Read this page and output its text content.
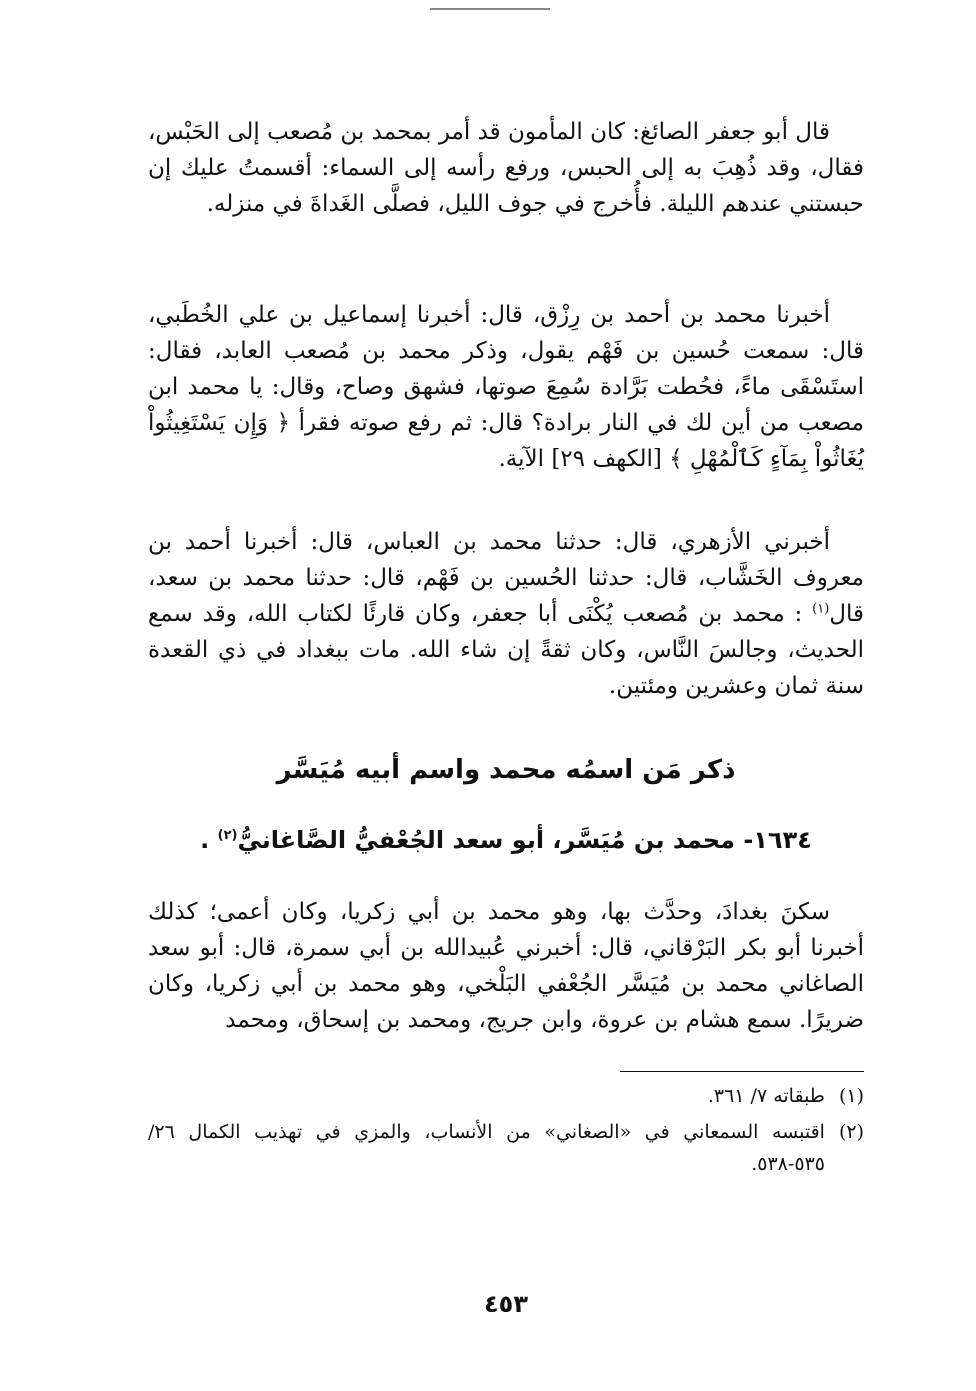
قال أبو جعفر الصائغ: كان المأمون قد أمر بمحمد بن مُصعب إلى الحَبْس، فقال، وقد ذُهِبَ به إلى الحبس، ورفع رأسه إلى السماء: أقسمتُ عليك إن حبستني عندهم الليلة. فأُخرج في جوف الليل، فصلَّى الغَداةَ في منزله.

أخبرنا محمد بن أحمد بن رِزْق، قال: أخبرنا إسماعيل بن علي الخُطَبي، قال: سمعت حُسين بن فَهْم يقول، وذكر محمد بن مُصعب العابد، فقال: استَسْقَى ماءً، فحُطت بَرَّادة سُمِعَ صوتها، فشهق وصاح، وقال: يا محمد ابن مصعب من أين لك في النار برادة؟ قال: ثم رفع صوته فقرأ ﴿ وَإِن يَسْتَغِيثُواْ يُغَاثُواْ بِمَآءٍ كَٱلْمُهْلِ ﴾ [الكهف ٢٩] الآية.

أخبرني الأزهري، قال: حدثنا محمد بن العباس، قال: أخبرنا أحمد بن معروف الخَشَّاب، قال: حدثنا الحُسين بن فَهْم، قال: حدثنا محمد بن سعد، قال$^{(١)}$ : محمد بن مُصعب يُكْنَى أبا جعفر، وكان قارئًا لكتاب الله، وقد سمع الحديث، وجالسَ النَّاس، وكان ثقةً إن شاء الله. مات ببغداد في ذي القعدة سنة ثمان وعشرين ومئتين.

ذكر مَن اسمُه محمد واسم أبيه مُيَسَّر
١٦٣٤- محمد بن مُيَسَّر، أبو سعد الجُعْفيُّ الصَّاغانيُّ$^{(٢)}$ .

سكنَ بغدادَ، وحدَّث بها، وهو محمد بن أبي زكريا، وكان أعمى؛ كذلك أخبرنا أبو بكر البَرْقاني، قال: أخبرني عُبيدالله بن أبي سمرة، قال: أبو سعد الصاغاني محمد بن مُيَسَّر الجُعْفي البَلْخي، وهو محمد بن أبي زكريا، وكان ضريرًا. سمع هشام بن عروة، وابن جريج، ومحمد بن إسحاق، ومحمد

(١)
طبقاته ٧/ ٣٦١.
(٢)
اقتبسه السمعاني في «الصغاني» من الأنساب، والمزي في تهذيب الكمال ٢٦/ ٥٣٥-٥٣٨.
٤٥٣
